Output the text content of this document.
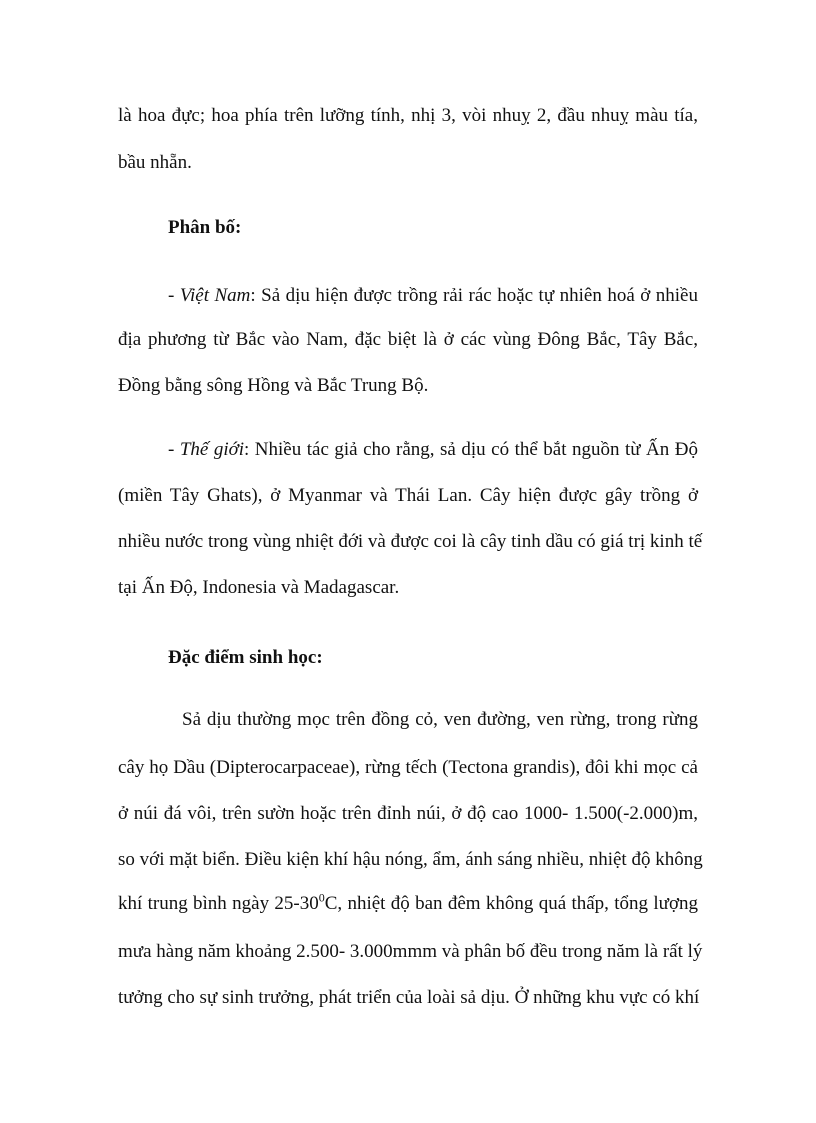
là hoa đực; hoa phía trên lưỡng tính, nhị 3, vòi nhuỵ 2, đầu nhuỵ màu tía,
bầu nhẵn.
Phân bố:
- Việt Nam: Sả dịu hiện được trồng rải rác hoặc tự nhiên hoá ở nhiều
địa phương từ Bắc vào Nam, đặc biệt là ở các vùng Đông Bắc, Tây Bắc,
Đồng bằng sông Hồng và Bắc Trung Bộ.
- Thế giới: Nhiều tác giả cho rằng, sả dịu có thể bắt nguồn từ Ấn Độ
(miền Tây Ghats), ở Myanmar và Thái Lan. Cây hiện được gây trồng ở
nhiều nước trong vùng nhiệt đới và được coi là cây tinh dầu có giá trị kinh tế
tại Ấn Độ, Indonesia và Madagascar.
Đặc điểm sinh học:
Sả dịu thường mọc trên đồng cỏ, ven đường, ven rừng, trong rừng
cây họ Dầu (Dipterocarpaceae), rừng tếch (Tectona grandis), đôi khi mọc cả
ở núi đá vôi, trên sườn hoặc trên đỉnh núi, ở độ cao 1000- 1.500(-2.000)m,
so với mặt biển. Điều kiện khí hậu nóng, ẩm, ánh sáng nhiều, nhiệt độ không
khí trung bình ngày $25-30^0C$, nhiệt độ ban đêm không quá thấp, tổng lượng
mưa hàng năm khoảng 2.500- 3.000mmm và phân bố đều trong năm là rất lý
tưởng cho sự sinh trưởng, phát triển của loài sả dịu. Ở những khu vực có khí
